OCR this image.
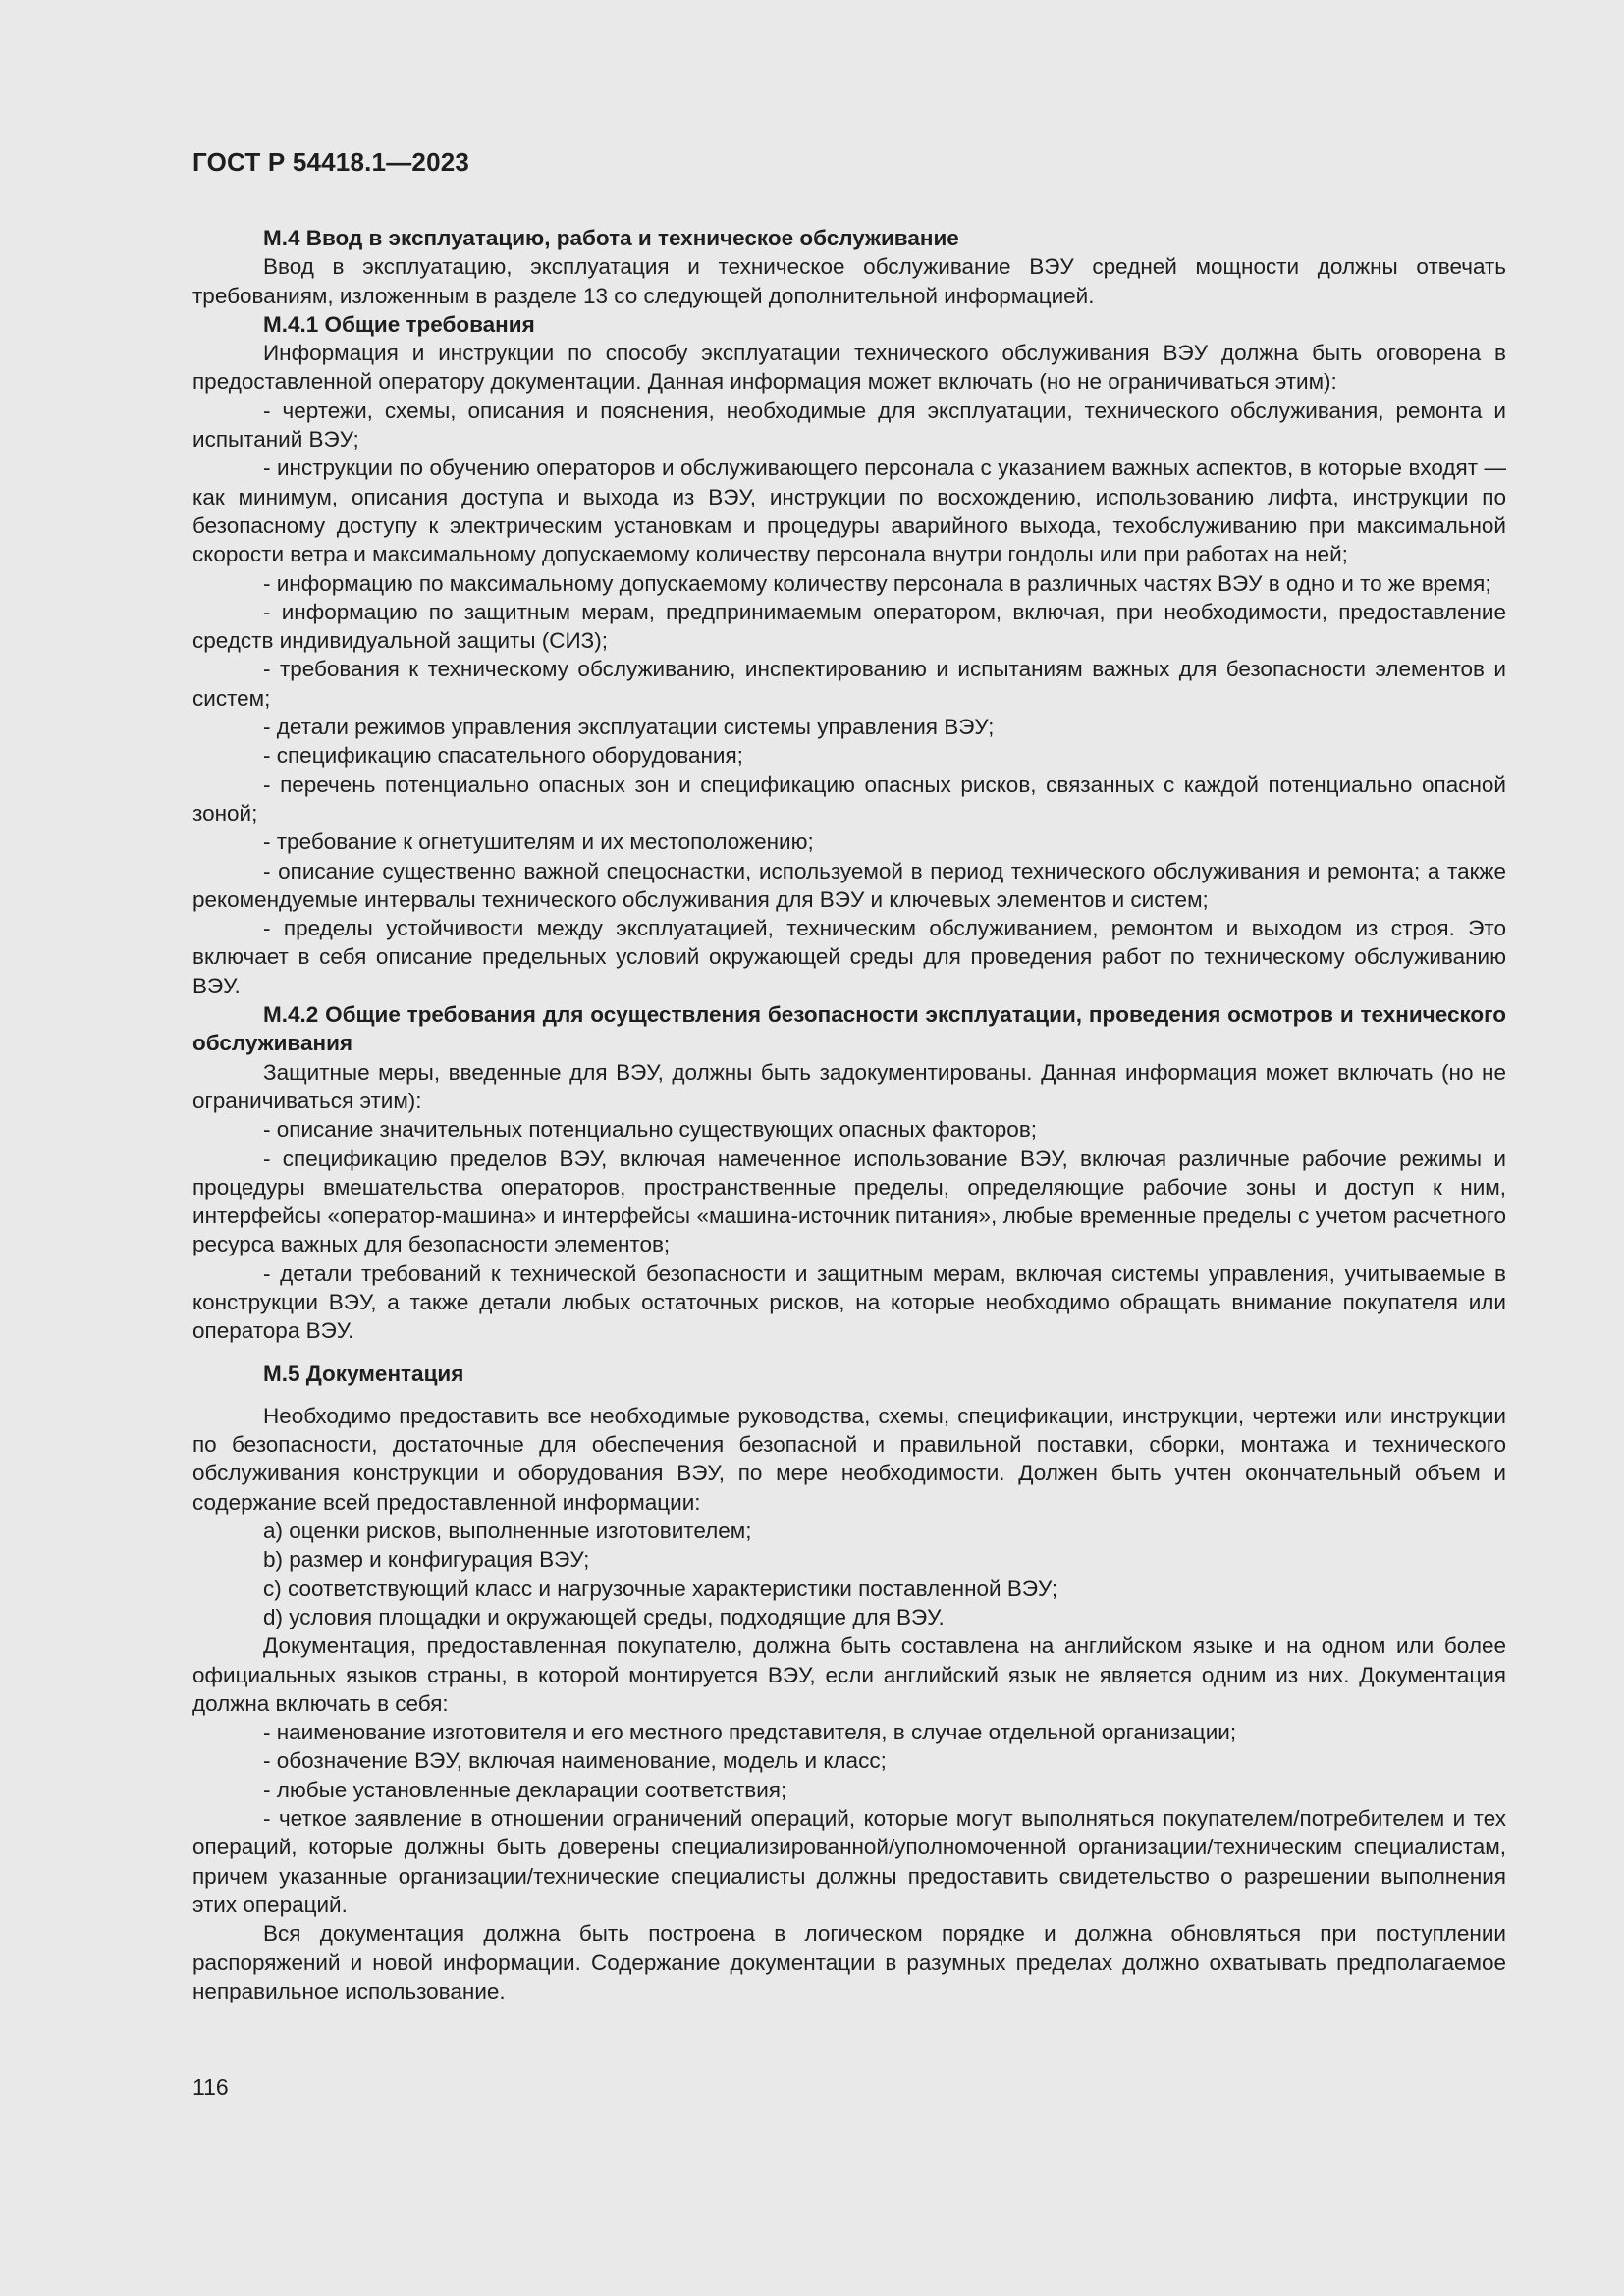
ГОСТ Р 54418.1—2023

М.4 Ввод в эксплуатацию, работа и техническое обслуживание

Ввод в эксплуатацию, эксплуатация и техническое обслуживание ВЭУ средней мощности должны отвечать требованиям, изложенным в разделе 13 со следующей дополнительной информацией.

М.4.1 Общие требования

Информация и инструкции по способу эксплуатации технического обслуживания ВЭУ должна быть оговорена в предоставленной оператору документации. Данная информация может включать (но не ограничиваться этим):

- чертежи, схемы, описания и пояснения, необходимые для эксплуатации, технического обслуживания, ремонта и испытаний ВЭУ;

- инструкции по обучению операторов и обслуживающего персонала с указанием важных аспектов, в которые входят — как минимум, описания доступа и выхода из ВЭУ, инструкции по восхождению, использованию лифта, инструкции по безопасному доступу к электрическим установкам и процедуры аварийного выхода, техобслуживанию при максимальной скорости ветра и максимальному допускаемому количеству персонала внутри гондолы или при работах на ней;

- информацию по максимальному допускаемому количеству персонала в различных частях ВЭУ в одно и то же время;

- информацию по защитным мерам, предпринимаемым оператором, включая, при необходимости, предоставление средств индивидуальной защиты (СИЗ);

- требования к техническому обслуживанию, инспектированию и испытаниям важных для безопасности элементов и систем;

- детали режимов управления эксплуатации системы управления ВЭУ;

- спецификацию спасательного оборудования;

- перечень потенциально опасных зон и спецификацию опасных рисков, связанных с каждой потенциально опасной зоной;

- требование к огнетушителям и их местоположению;

- описание существенно важной спецоснастки, используемой в период технического обслуживания и ремонта; а также рекомендуемые интервалы технического обслуживания для ВЭУ и ключевых элементов и систем;

- пределы устойчивости между эксплуатацией, техническим обслуживанием, ремонтом и выходом из строя. Это включает в себя описание предельных условий окружающей среды для проведения работ по техническому обслуживанию ВЭУ.

М.4.2 Общие требования для осуществления безопасности эксплуатации, проведения осмотров и технического обслуживания

Защитные меры, введенные для ВЭУ, должны быть задокументированы. Данная информация может включать (но не ограничиваться этим):

- описание значительных потенциально существующих опасных факторов;

- спецификацию пределов ВЭУ, включая намеченное использование ВЭУ, включая различные рабочие режимы и процедуры вмешательства операторов, пространственные пределы, определяющие рабочие зоны и доступ к ним, интерфейсы «оператор-машина» и интерфейсы «машина-источник питания», любые временные пределы с учетом расчетного ресурса важных для безопасности элементов;

- детали требований к технической безопасности и защитным мерам, включая системы управления, учитываемые в конструкции ВЭУ, а также детали любых остаточных рисков, на которые необходимо обращать внимание покупателя или оператора ВЭУ.

М.5 Документация

Необходимо предоставить все необходимые руководства, схемы, спецификации, инструкции, чертежи или инструкции по безопасности, достаточные для обеспечения безопасной и правильной поставки, сборки, монтажа и технического обслуживания конструкции и оборудования ВЭУ, по мере необходимости. Должен быть учтен окончательный объем и содержание всей предоставленной информации:

a) оценки рисков, выполненные изготовителем;

b) размер и конфигурация ВЭУ;

c) соответствующий класс и нагрузочные характеристики поставленной ВЭУ;

d) условия площадки и окружающей среды, подходящие для ВЭУ.

Документация, предоставленная покупателю, должна быть составлена на английском языке и на одном или более официальных языков страны, в которой монтируется ВЭУ, если английский язык не является одним из них. Документация должна включать в себя:

- наименование изготовителя и его местного представителя, в случае отдельной организации;

- обозначение ВЭУ, включая наименование, модель и класс;

- любые установленные декларации соответствия;

- четкое заявление в отношении ограничений операций, которые могут выполняться покупателем/потребителем и тех операций, которые должны быть доверены специализированной/уполномоченной организации/техническим специалистам, причем указанные организации/технические специалисты должны предоставить свидетельство о разрешении выполнения этих операций.

Вся документация должна быть построена в логическом порядке и должна обновляться при поступлении распоряжений и новой информации. Содержание документации в разумных пределах должно охватывать предполагаемое неправильное использование.

116
